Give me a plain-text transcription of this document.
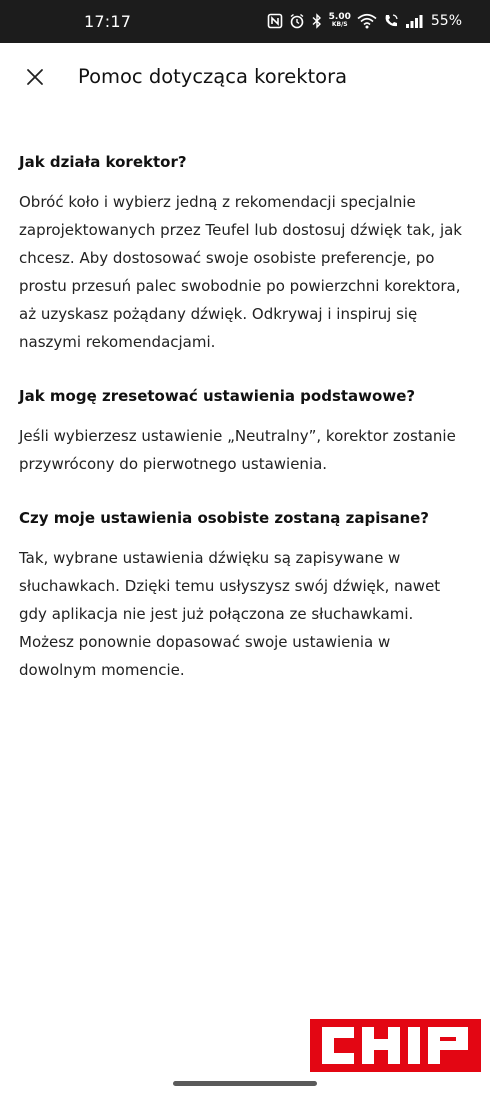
17:17	5.00
KB/S	55%
Pomoc dotycząca korektora
Jak działa korektor?

Obróć koło i wybierz jedną z rekomendacji specjalnie zaprojektowanych przez Teufel lub dostosuj dźwięk tak, jak chcesz. Aby dostosować swoje osobiste preferencje, po prostu przesuń palec swobodnie po powierzchni korektora, aż uzyskasz pożądany dźwięk. Odkrywaj i inspiruj się naszymi rekomendacjami.

Jak mogę zresetować ustawienia podstawowe?

Jeśli wybierzesz ustawienie „Neutralny”, korektor zostanie przywrócony do pierwotnego ustawienia.

Czy moje ustawienia osobiste zostaną zapisane?

Tak, wybrane ustawienia dźwięku są zapisywane w słuchawkach. Dzięki temu usłyszysz swój dźwięk, nawet gdy aplikacja nie jest już połączona ze słuchawkami. Możesz ponownie dopasować swoje ustawienia w dowolnym momencie.
